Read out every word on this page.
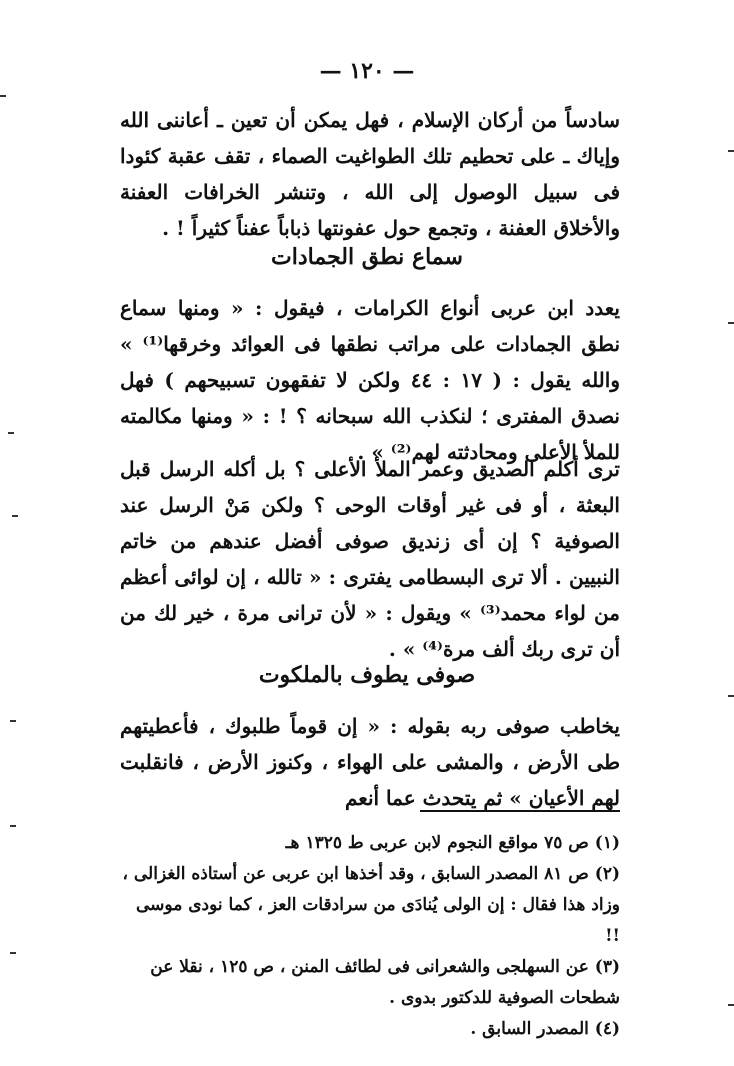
— ١٢٠ —

سادساً من أركان الإسلام ، فهل يمكن أن تعين ـ أعاننى الله وإياك ـ على تحطيم تلك الطواغيت الصماء ، تقف عقبة كئودا فى سبيل الوصول إلى الله ، وتنشر الخرافات العفنة والأخلاق العفنة ، وتجمع حول عفونتها ذباباً عفناً كثيراً ! .

سماع نطق الجمادات

يعدد ابن عربى أنواع الكرامات ، فيقول : « ومنها سماع نطق الجمادات على مراتب نطقها فى العوائد وخرقها⁽¹⁾ » والله يقول : ( ١٧ : ٤٤ ولكن لا تفقهون تسبيحهم ) فهل نصدق المفترى ؛ لنكذب الله سبحانه ؟ ! : « ومنها مكالمته للملأ الأعلى ومحادثته لهم⁽²⁾ » .

ترى أكلم الصديق وعمر الملأ الأعلى ؟ بل أكله الرسل قبل البعثة ، أو فى غير أوقات الوحى ؟ ولكن مَنْ الرسل عند الصوفية ؟ إن أى زنديق صوفى أفضل عندهم من خاتم النبيين . ألا ترى البسطامى يفترى : « تالله ، إن لوائى أعظم من لواء محمد⁽³⁾ » ويقول : « لأن ترانى مرة ، خير لك من أن ترى ربك ألف مرة⁽⁴⁾ » .

صوفى يطوف بالملكوت

يخاطب صوفى ربه بقوله : « إن قوماً طلبوك ، فأعطيتهم طى الأرض ، والمشى على الهواء ، وكنوز الأرض ، فانقلبت لهم الأعيان » ثم يتحدث عما أنعم

(١) ص ٧٥ مواقع النجوم لابن عربى ط ١٣٢٥ هـ

(٢) ص ٨١ المصدر السابق ، وقد أخذها ابن عربى عن أستاذه الغزالى ، وزاد هذا فقال : إن الولى يُنادَى من سرادقات العز ، كما نودى موسى !!

(٣) عن السهلجى والشعرانى فى لطائف المنن ، ص ١٢٥ ، نقلا عن شطحات الصوفية للدكتور بدوى .

(٤) المصدر السابق .
